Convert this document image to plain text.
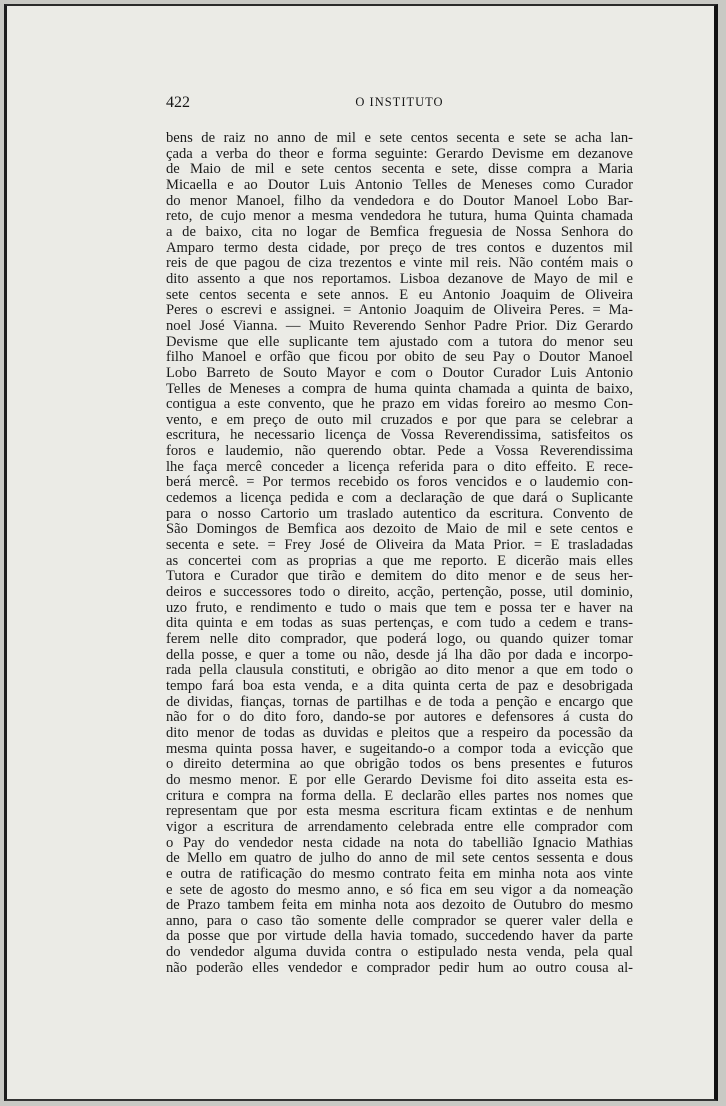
422	O INSTITUTO
bens de raiz no anno de mil e sete centos secenta e sete se acha lan-
çada a verba do theor e forma seguinte: Gerardo Devisme em dezanove
de Maio de mil e sete centos secenta e sete, disse compra a Maria
Micaella e ao Doutor Luis Antonio Telles de Meneses como Curador
do menor Manoel, filho da vendedora e do Doutor Manoel Lobo Bar-
reto, de cujo menor a mesma vendedora he tutura, huma Quinta chamada
a de baixo, cita no logar de Bemfica freguesia de Nossa Senhora do
Amparo termo desta cidade, por preço de tres contos e duzentos mil
reis de que pagou de ciza trezentos e vinte mil reis. Não contém mais o
dito assento a que nos reportamos. Lisboa dezanove de Mayo de mil e
sete centos secenta e sete annos. E eu Antonio Joaquim de Oliveira
Peres o escrevi e assignei. = Antonio Joaquim de Oliveira Peres. = Ma-
noel José Vianna. — Muito Reverendo Senhor Padre Prior. Diz Gerardo
Devisme que elle suplicante tem ajustado com a tutora do menor seu
filho Manoel e orfão que ficou por obito de seu Pay o Doutor Manoel
Lobo Barreto de Souto Mayor e com o Doutor Curador Luis Antonio
Telles de Meneses a compra de huma quinta chamada a quinta de baixo,
contigua a este convento, que he prazo em vidas foreiro ao mesmo Con-
vento, e em preço de outo mil cruzados e por que para se celebrar a
escritura, he necessario licença de Vossa Reverendissima, satisfeitos os
foros e laudemio, não querendo obtar. Pede a Vossa Reverendissima
lhe faça mercê conceder a licença referida para o dito effeito. E rece-
berá mercê. = Por termos recebido os foros vencidos e o laudemio con-
cedemos a licença pedida e com a declaração de que dará o Suplicante
para o nosso Cartorio um traslado autentico da escritura. Convento de
São Domingos de Bemfica aos dezoito de Maio de mil e sete centos e
secenta e sete. = Frey José de Oliveira da Mata Prior. = E trasladadas
as concertei com as proprias a que me reporto. E dicerão mais elles
Tutora e Curador que tirão e demitem do dito menor e de seus her-
deiros e successores todo o direito, acção, pertenção, posse, util dominio,
uzo fruto, e rendimento e tudo o mais que tem e possa ter e haver na
dita quinta e em todas as suas pertenças, e com tudo a cedem e trans-
ferem nelle dito comprador, que poderá logo, ou quando quizer tomar
della posse, e quer a tome ou não, desde já lha dão por dada e incorpo-
rada pella clausula constituti, e obrigão ao dito menor a que em todo o
tempo fará boa esta venda, e a dita quinta certa de paz e desobrigada
de dividas, fianças, tornas de partilhas e de toda a penção e encargo que
não for o do dito foro, dando-se por autores e defensores á custa do
dito menor de todas as duvidas e pleitos que a respeiro da pocessão da
mesma quinta possa haver, e sugeitando-o a compor toda a evicção que
o direito determina ao que obrigão todos os bens presentes e futuros
do mesmo menor. E por elle Gerardo Devisme foi dito asseita esta es-
critura e compra na forma della. E declarão elles partes nos nomes que
representam que por esta mesma escritura ficam extintas e de nenhum
vigor a escritura de arrendamento celebrada entre elle comprador com
o Pay do vendedor nesta cidade na nota do tabellião Ignacio Mathias
de Mello em quatro de julho do anno de mil sete centos sessenta e dous
e outra de ratificação do mesmo contrato feita em minha nota aos vinte
e sete de agosto do mesmo anno, e só fica em seu vigor a da nomeação
de Prazo tambem feita em minha nota aos dezoito de Outubro do mesmo
anno, para o caso tão somente delle comprador se querer valer della e
da posse que por virtude della havia tomado, succedendo haver da parte
do vendedor alguma duvida contra o estipulado nesta venda, pela qual
não poderão elles vendedor e comprador pedir hum ao outro cousa al-
